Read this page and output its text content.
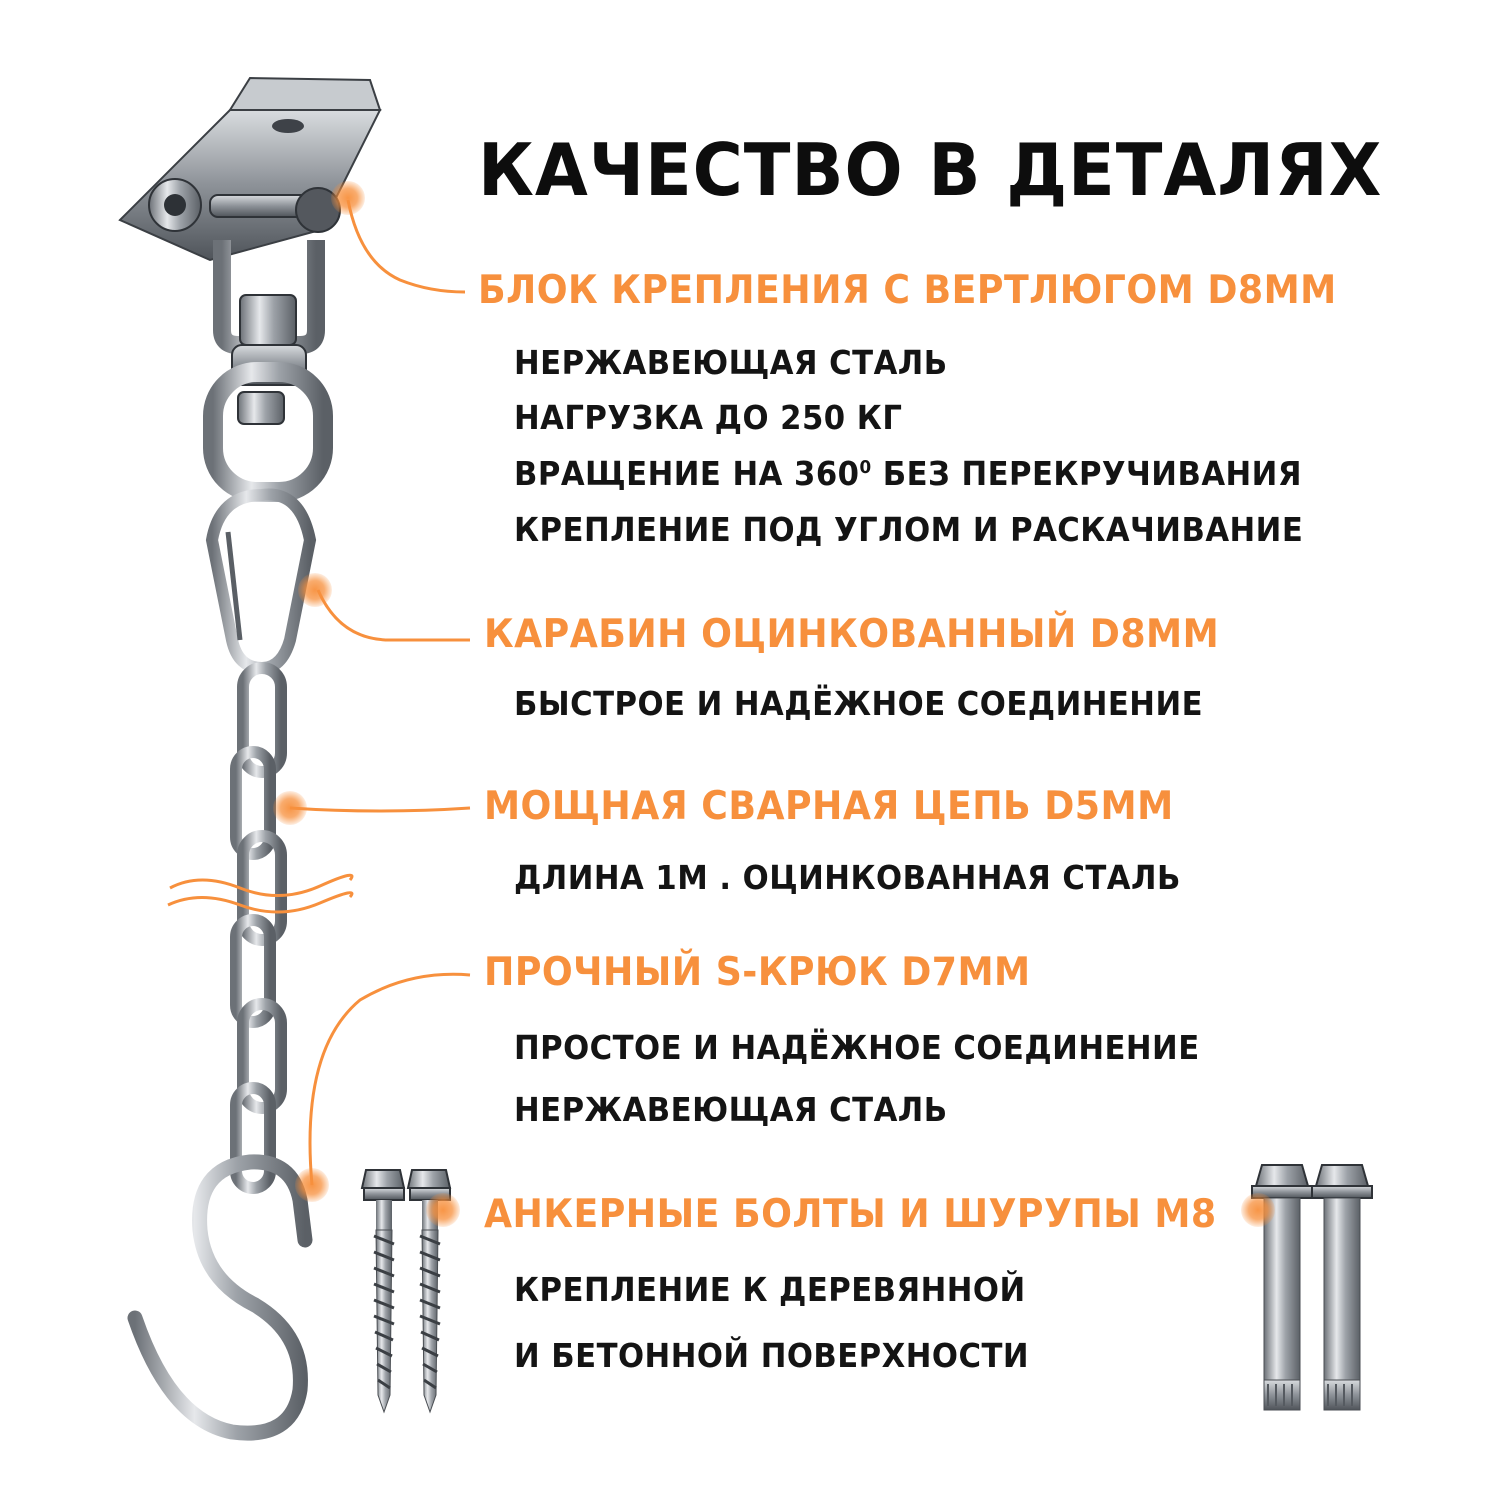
КАЧЕСТВО В ДЕТАЛЯХ
БЛОК КРЕПЛЕНИЯ С ВЕРТЛЮГОМ D8MM
НЕРЖАВЕЮЩАЯ СТАЛЬ
НАГРУЗКА ДО 250 КГ
ВРАЩЕНИЕ НА $360^0$ БЕЗ ПЕРЕКРУЧИВАНИЯ
КРЕПЛЕНИЕ ПОД УГЛОМ И РАСКАЧИВАНИЕ
КАРАБИН ОЦИНКОВАННЫЙ D8MM
БЫСТРОЕ И НАДЁЖНОЕ СОЕДИНЕНИЕ
МОЩНАЯ СВАРНАЯ ЦЕПЬ D5MM
ДЛИНА 1М . ОЦИНКОВАННАЯ СТАЛЬ
ПРОЧНЫЙ S-КРЮК D7MM
ПРОСТОЕ И НАДЁЖНОЕ СОЕДИНЕНИЕ
НЕРЖАВЕЮЩАЯ СТАЛЬ
АНКЕРНЫЕ БОЛТЫ И ШУРУПЫ M8
КРЕПЛЕНИЕ К ДЕРЕВЯННОЙ
И БЕТОННОЙ ПОВЕРХНОСТИ
